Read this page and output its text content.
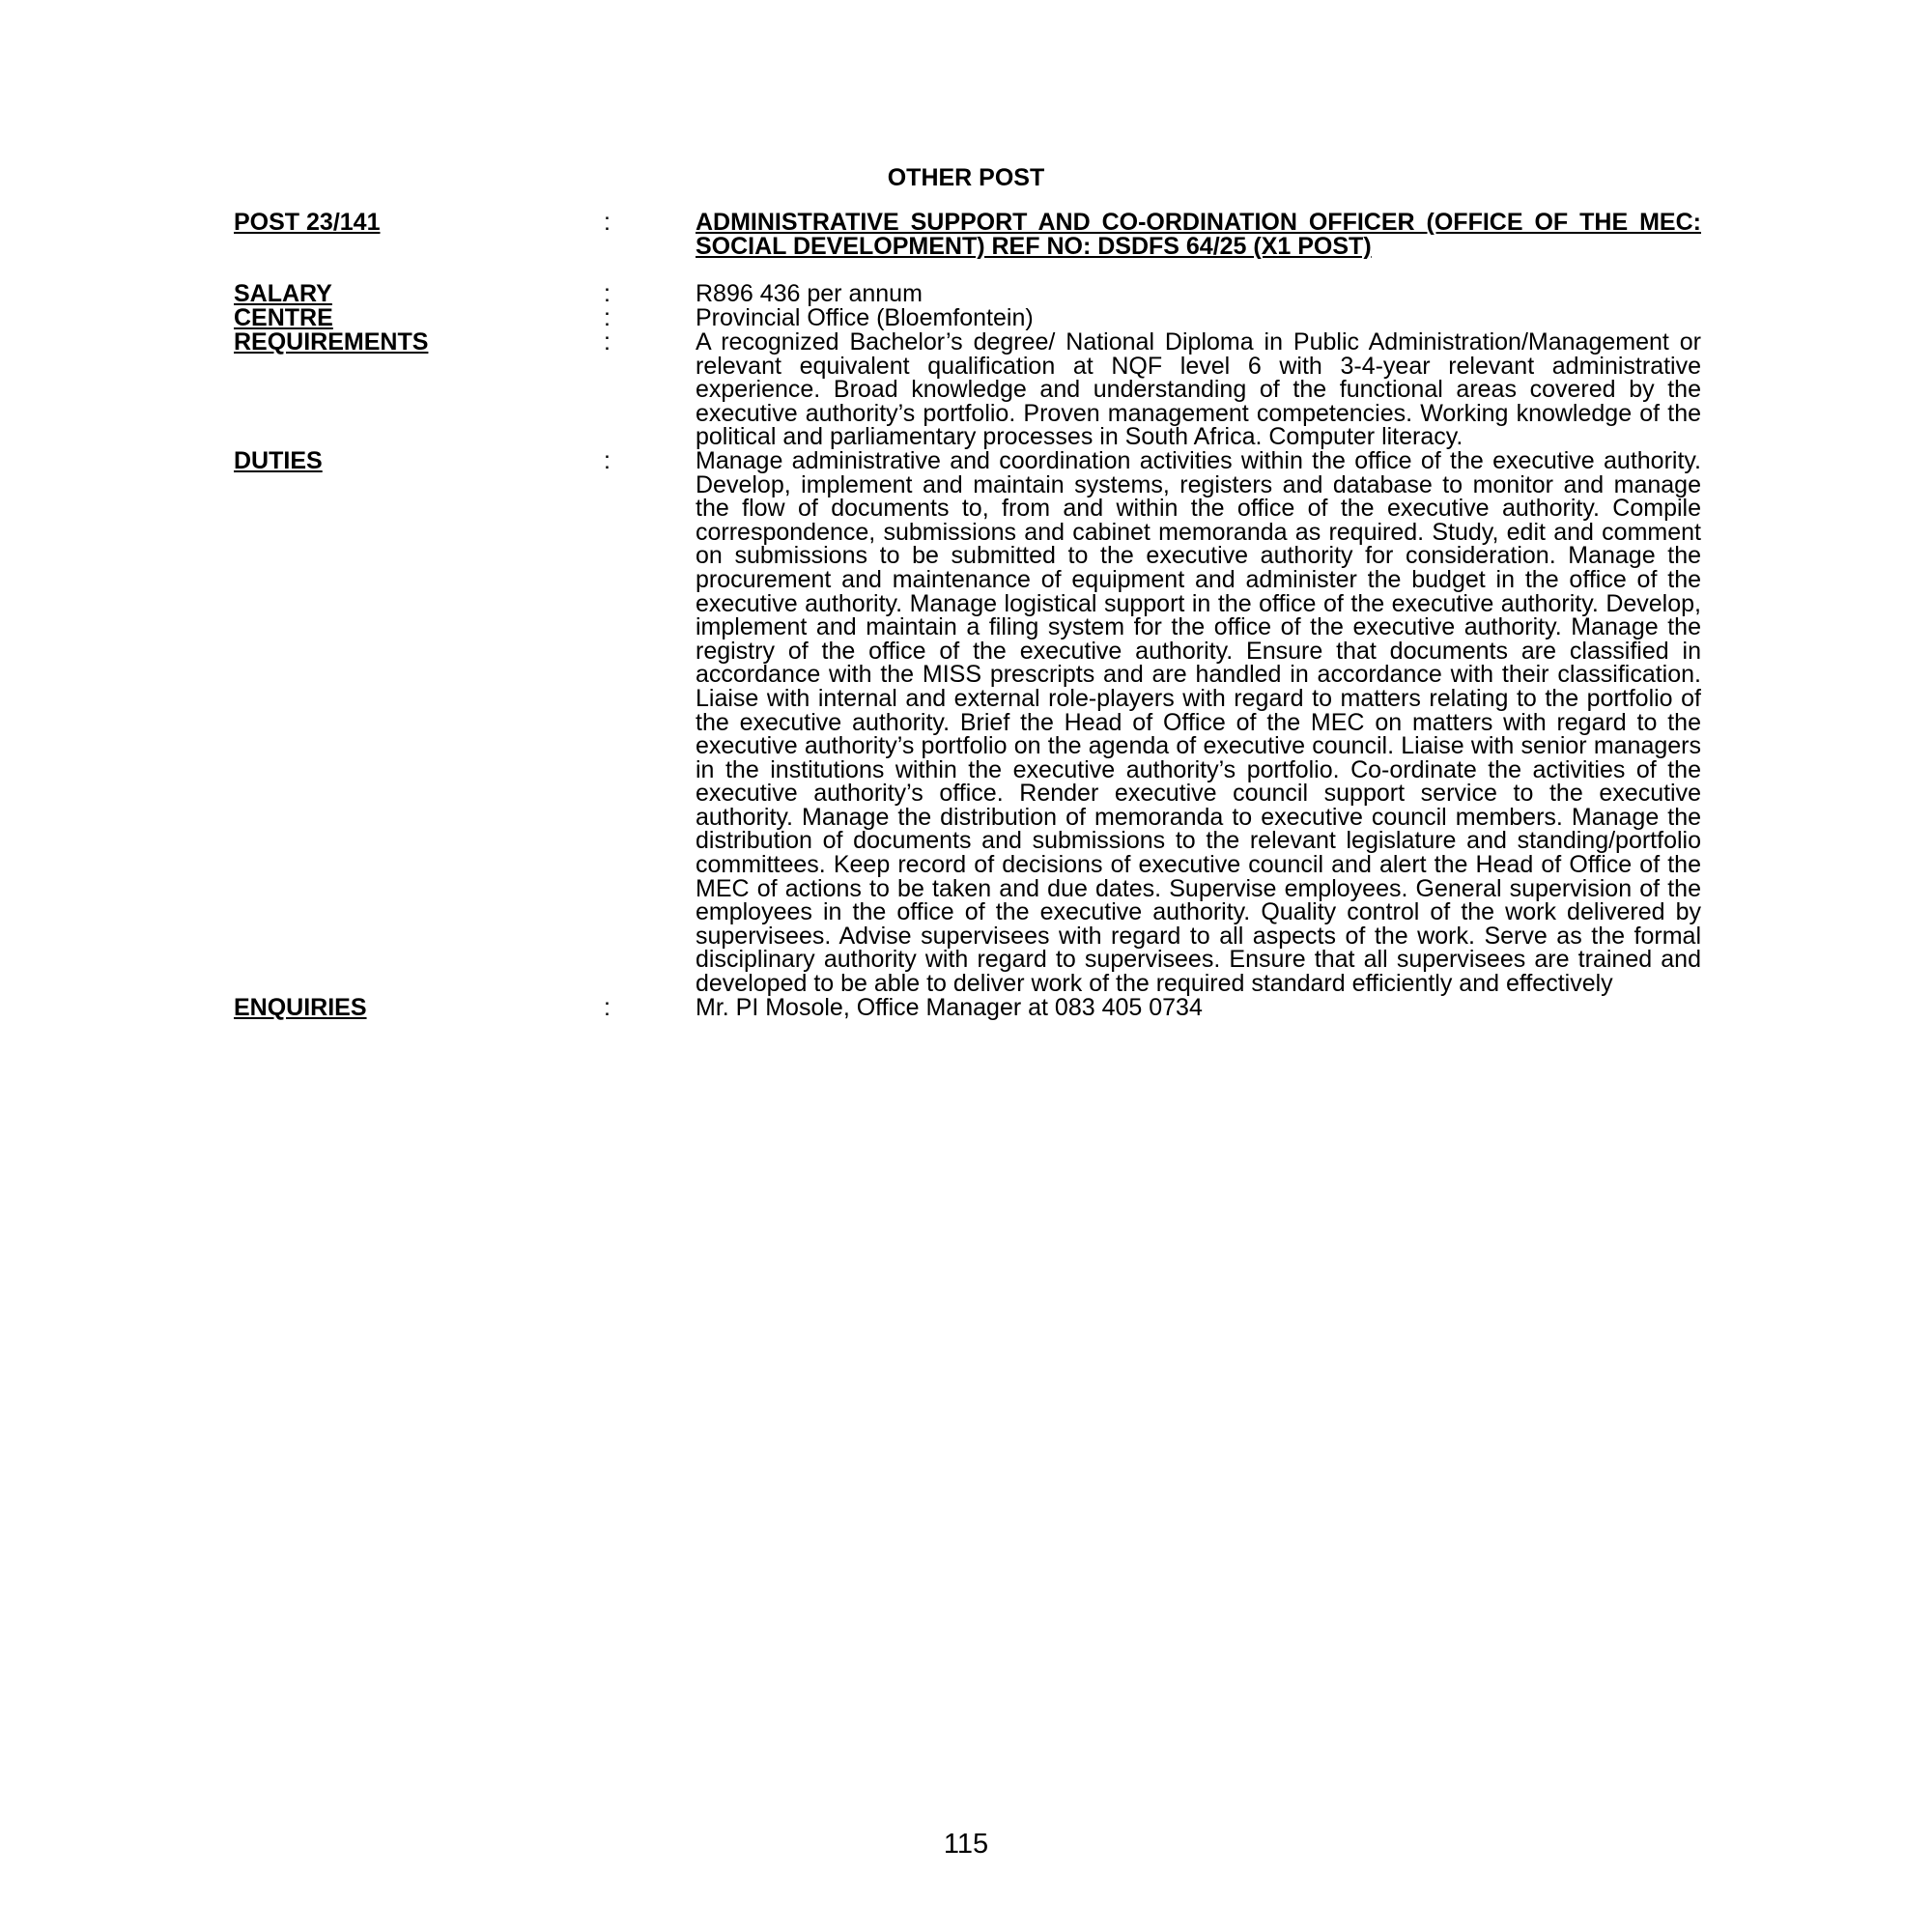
OTHER POST
POST 23/141	:	ADMINISTRATIVE SUPPORT AND CO-ORDINATION OFFICER (OFFICE OF THE MEC: SOCIAL DEVELOPMENT) REF NO: DSDFS 64/25 (X1 POST)
SALARY	:	R896 436 per annum
CENTRE	:	Provincial Office (Bloemfontein)
REQUIREMENTS	:	A recognized Bachelor’s degree/ National Diploma in Public Administration/Management or relevant equivalent qualification at NQF level 6 with 3-4-year relevant administrative experience. Broad knowledge and understanding of the functional areas covered by the executive authority’s portfolio. Proven management competencies. Working knowledge of the political and parliamentary processes in South Africa. Computer literacy.
DUTIES	:	Manage administrative and coordination activities within the office of the executive authority. Develop, implement and maintain systems, registers and database to monitor and manage the flow of documents to, from and within the office of the executive authority. Compile correspondence, submissions and cabinet memoranda as required. Study, edit and comment on submissions to be submitted to the executive authority for consideration. Manage the procurement and maintenance of equipment and administer the budget in the office of the executive authority. Manage logistical support in the office of the executive authority. Develop, implement and maintain a filing system for the office of the executive authority. Manage the registry of the office of the executive authority. Ensure that documents are classified in accordance with the MISS prescripts and are handled in accordance with their classification. Liaise with internal and external role-players with regard to matters relating to the portfolio of the executive authority. Brief the Head of Office of the MEC on matters with regard to the executive authority’s portfolio on the agenda of executive council. Liaise with senior managers in the institutions within the executive authority’s portfolio. Co-ordinate the activities of the executive authority’s office. Render executive council support service to the executive authority. Manage the distribution of memoranda to executive council members. Manage the distribution of documents and submissions to the relevant legislature and standing/portfolio committees. Keep record of decisions of executive council and alert the Head of Office of the MEC of actions to be taken and due dates. Supervise employees. General supervision of the employees in the office of the executive authority. Quality control of the work delivered by supervisees. Advise supervisees with regard to all aspects of the work. Serve as the formal disciplinary authority with regard to supervisees. Ensure that all supervisees are trained and developed to be able to deliver work of the required standard efficiently and effectively
ENQUIRIES	:	Mr. PI Mosole, Office Manager at 083 405 0734
115
